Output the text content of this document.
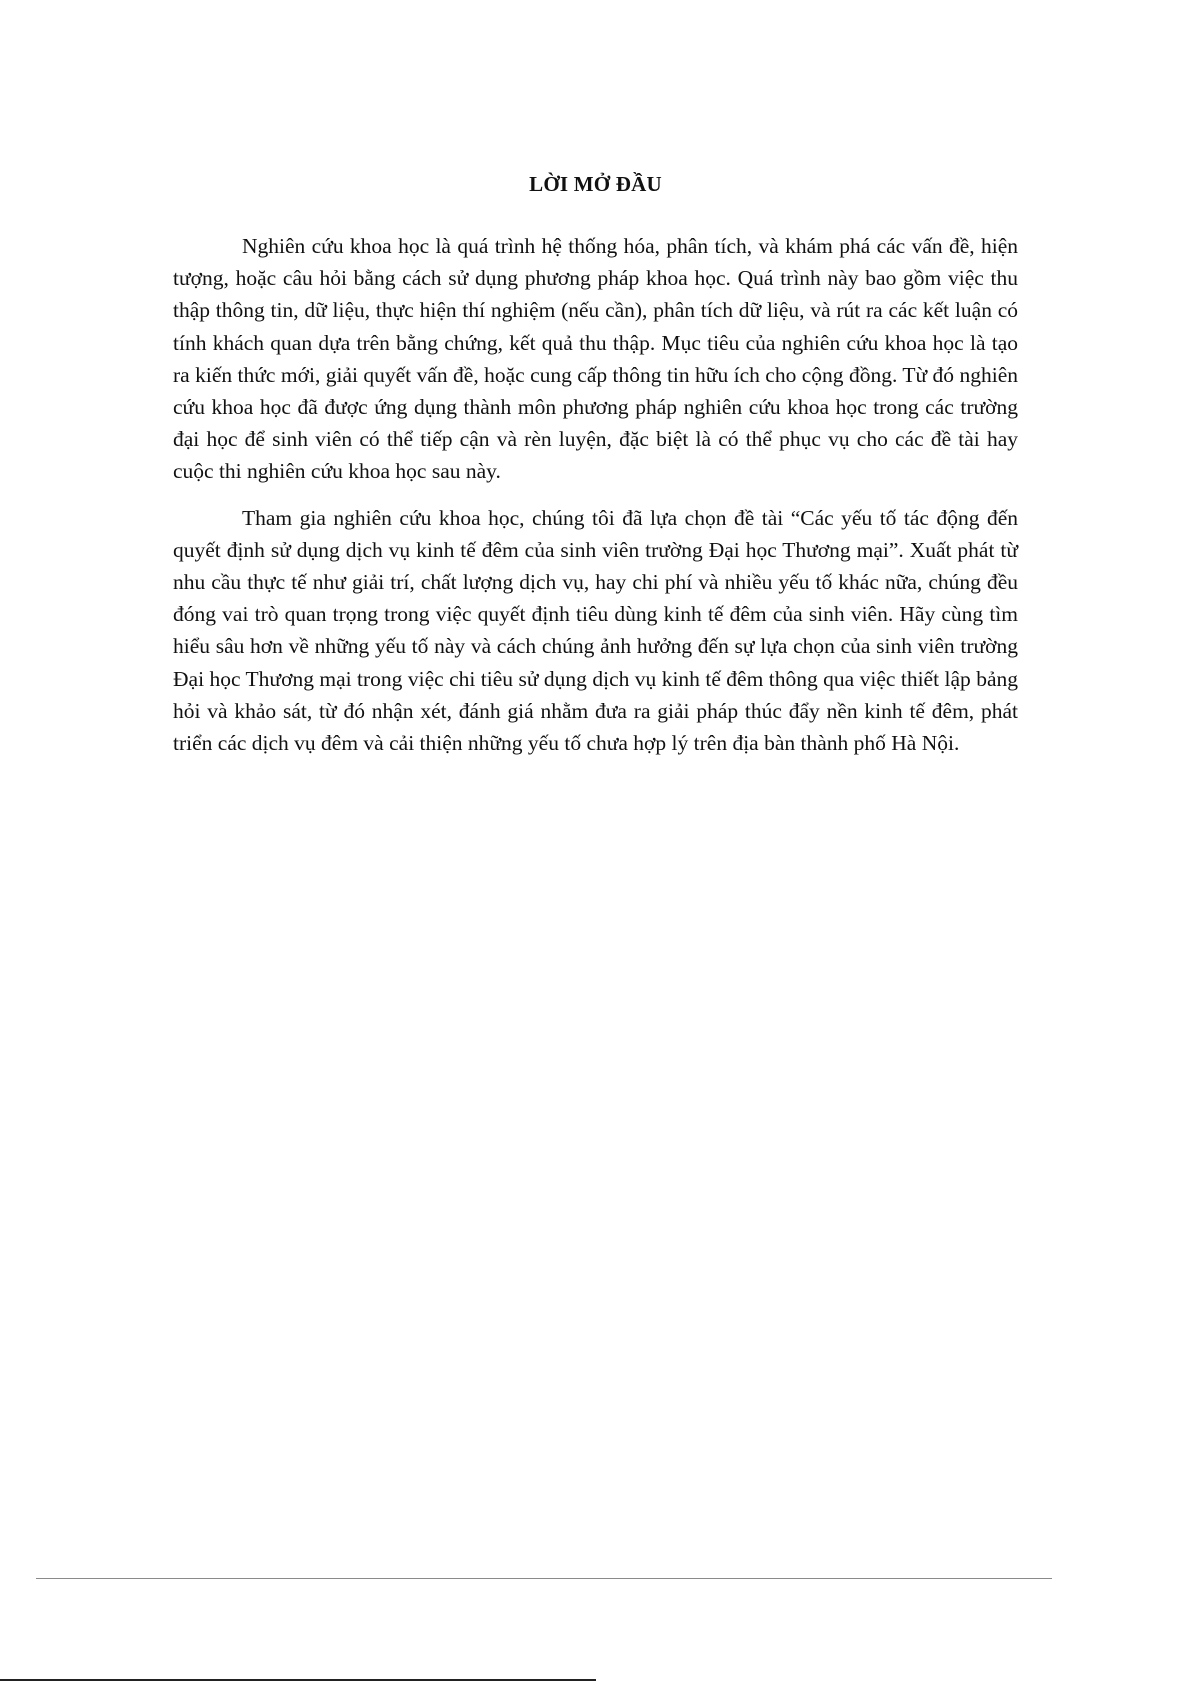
LỜI MỞ ĐẦU

Nghiên cứu khoa học là quá trình hệ thống hóa, phân tích, và khám phá các vấn đề, hiện tượng, hoặc câu hỏi bằng cách sử dụng phương pháp khoa học. Quá trình này bao gồm việc thu thập thông tin, dữ liệu, thực hiện thí nghiệm (nếu cần), phân tích dữ liệu, và rút ra các kết luận có tính khách quan dựa trên bằng chứng, kết quả thu thập. Mục tiêu của nghiên cứu khoa học là tạo ra kiến thức mới, giải quyết vấn đề, hoặc cung cấp thông tin hữu ích cho cộng đồng. Từ đó nghiên cứu khoa học đã được ứng dụng thành môn phương pháp nghiên cứu khoa học trong các trường đại học để sinh viên có thể tiếp cận và rèn luyện, đặc biệt là có thể phục vụ cho các đề tài hay cuộc thi nghiên cứu khoa học sau này.

Tham gia nghiên cứu khoa học, chúng tôi đã lựa chọn đề tài “Các yếu tố tác động đến quyết định sử dụng dịch vụ kinh tế đêm của sinh viên trường Đại học Thương mại”. Xuất phát từ nhu cầu thực tế như giải trí, chất lượng dịch vụ, hay chi phí và nhiều yếu tố khác nữa, chúng đều đóng vai trò quan trọng trong việc quyết định tiêu dùng kinh tế đêm của sinh viên. Hãy cùng tìm hiểu sâu hơn về những yếu tố này và cách chúng ảnh hưởng đến sự lựa chọn của sinh viên trường Đại học Thương mại trong việc chi tiêu sử dụng dịch vụ kinh tế đêm thông qua việc thiết lập bảng hỏi và khảo sát, từ đó nhận xét, đánh giá nhằm đưa ra giải pháp thúc đẩy nền kinh tế đêm, phát triển các dịch vụ đêm và cải thiện những yếu tố chưa hợp lý trên địa bàn thành phố Hà Nội.
